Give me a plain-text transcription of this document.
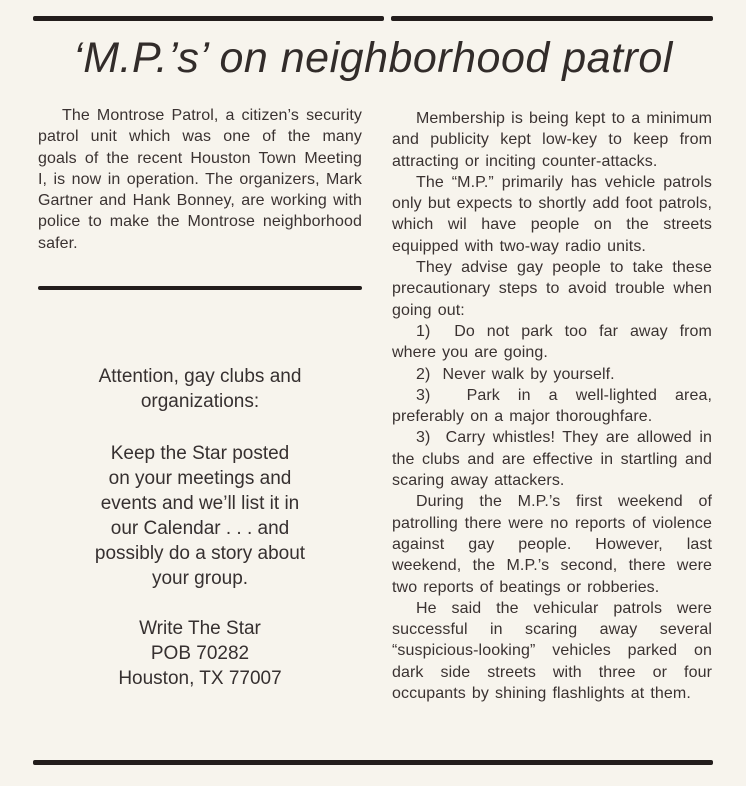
‘M.P.’s’ on neighborhood patrol

The Montrose Patrol, a citizen’s security patrol unit which was one of the many goals of the recent Houston Town Meeting I, is now in operation. The organizers, Mark Gartner and Hank Bonney, are working with police to make the Montrose neighborhood safer.

Attention, gay clubs and
organizations:
Keep the Star posted
on your meetings and
events and we’ll list it in
our Calendar . . . and
possibly do a story about
your group.
Write The Star
POB 70282
Houston, TX 77007

Membership is being kept to a minimum and publicity kept low-key to keep from attracting or inciting counter-attacks.

The “M.P.” primarily has vehicle patrols only but expects to shortly add foot patrols, which wil have people on the streets equipped with two-way radio units.

They advise gay people to take these precautionary steps to avoid trouble when going out:

1)  Do not park too far away from where you are going.

2)  Never walk by yourself.

3)  Park in a well-lighted area, preferably on a major thoroughfare.

3)  Carry whistles! They are allowed in the clubs and are effective in startling and scaring away attackers.

During the M.P.’s first weekend of patrolling there were no reports of violence against gay people. However, last weekend, the M.P.’s second, there were two reports of beatings or robberies.

He said the vehicular patrols were successful in scaring away several “suspicious-looking” vehicles parked on dark side streets with three or four occupants by shining flashlights at them.
